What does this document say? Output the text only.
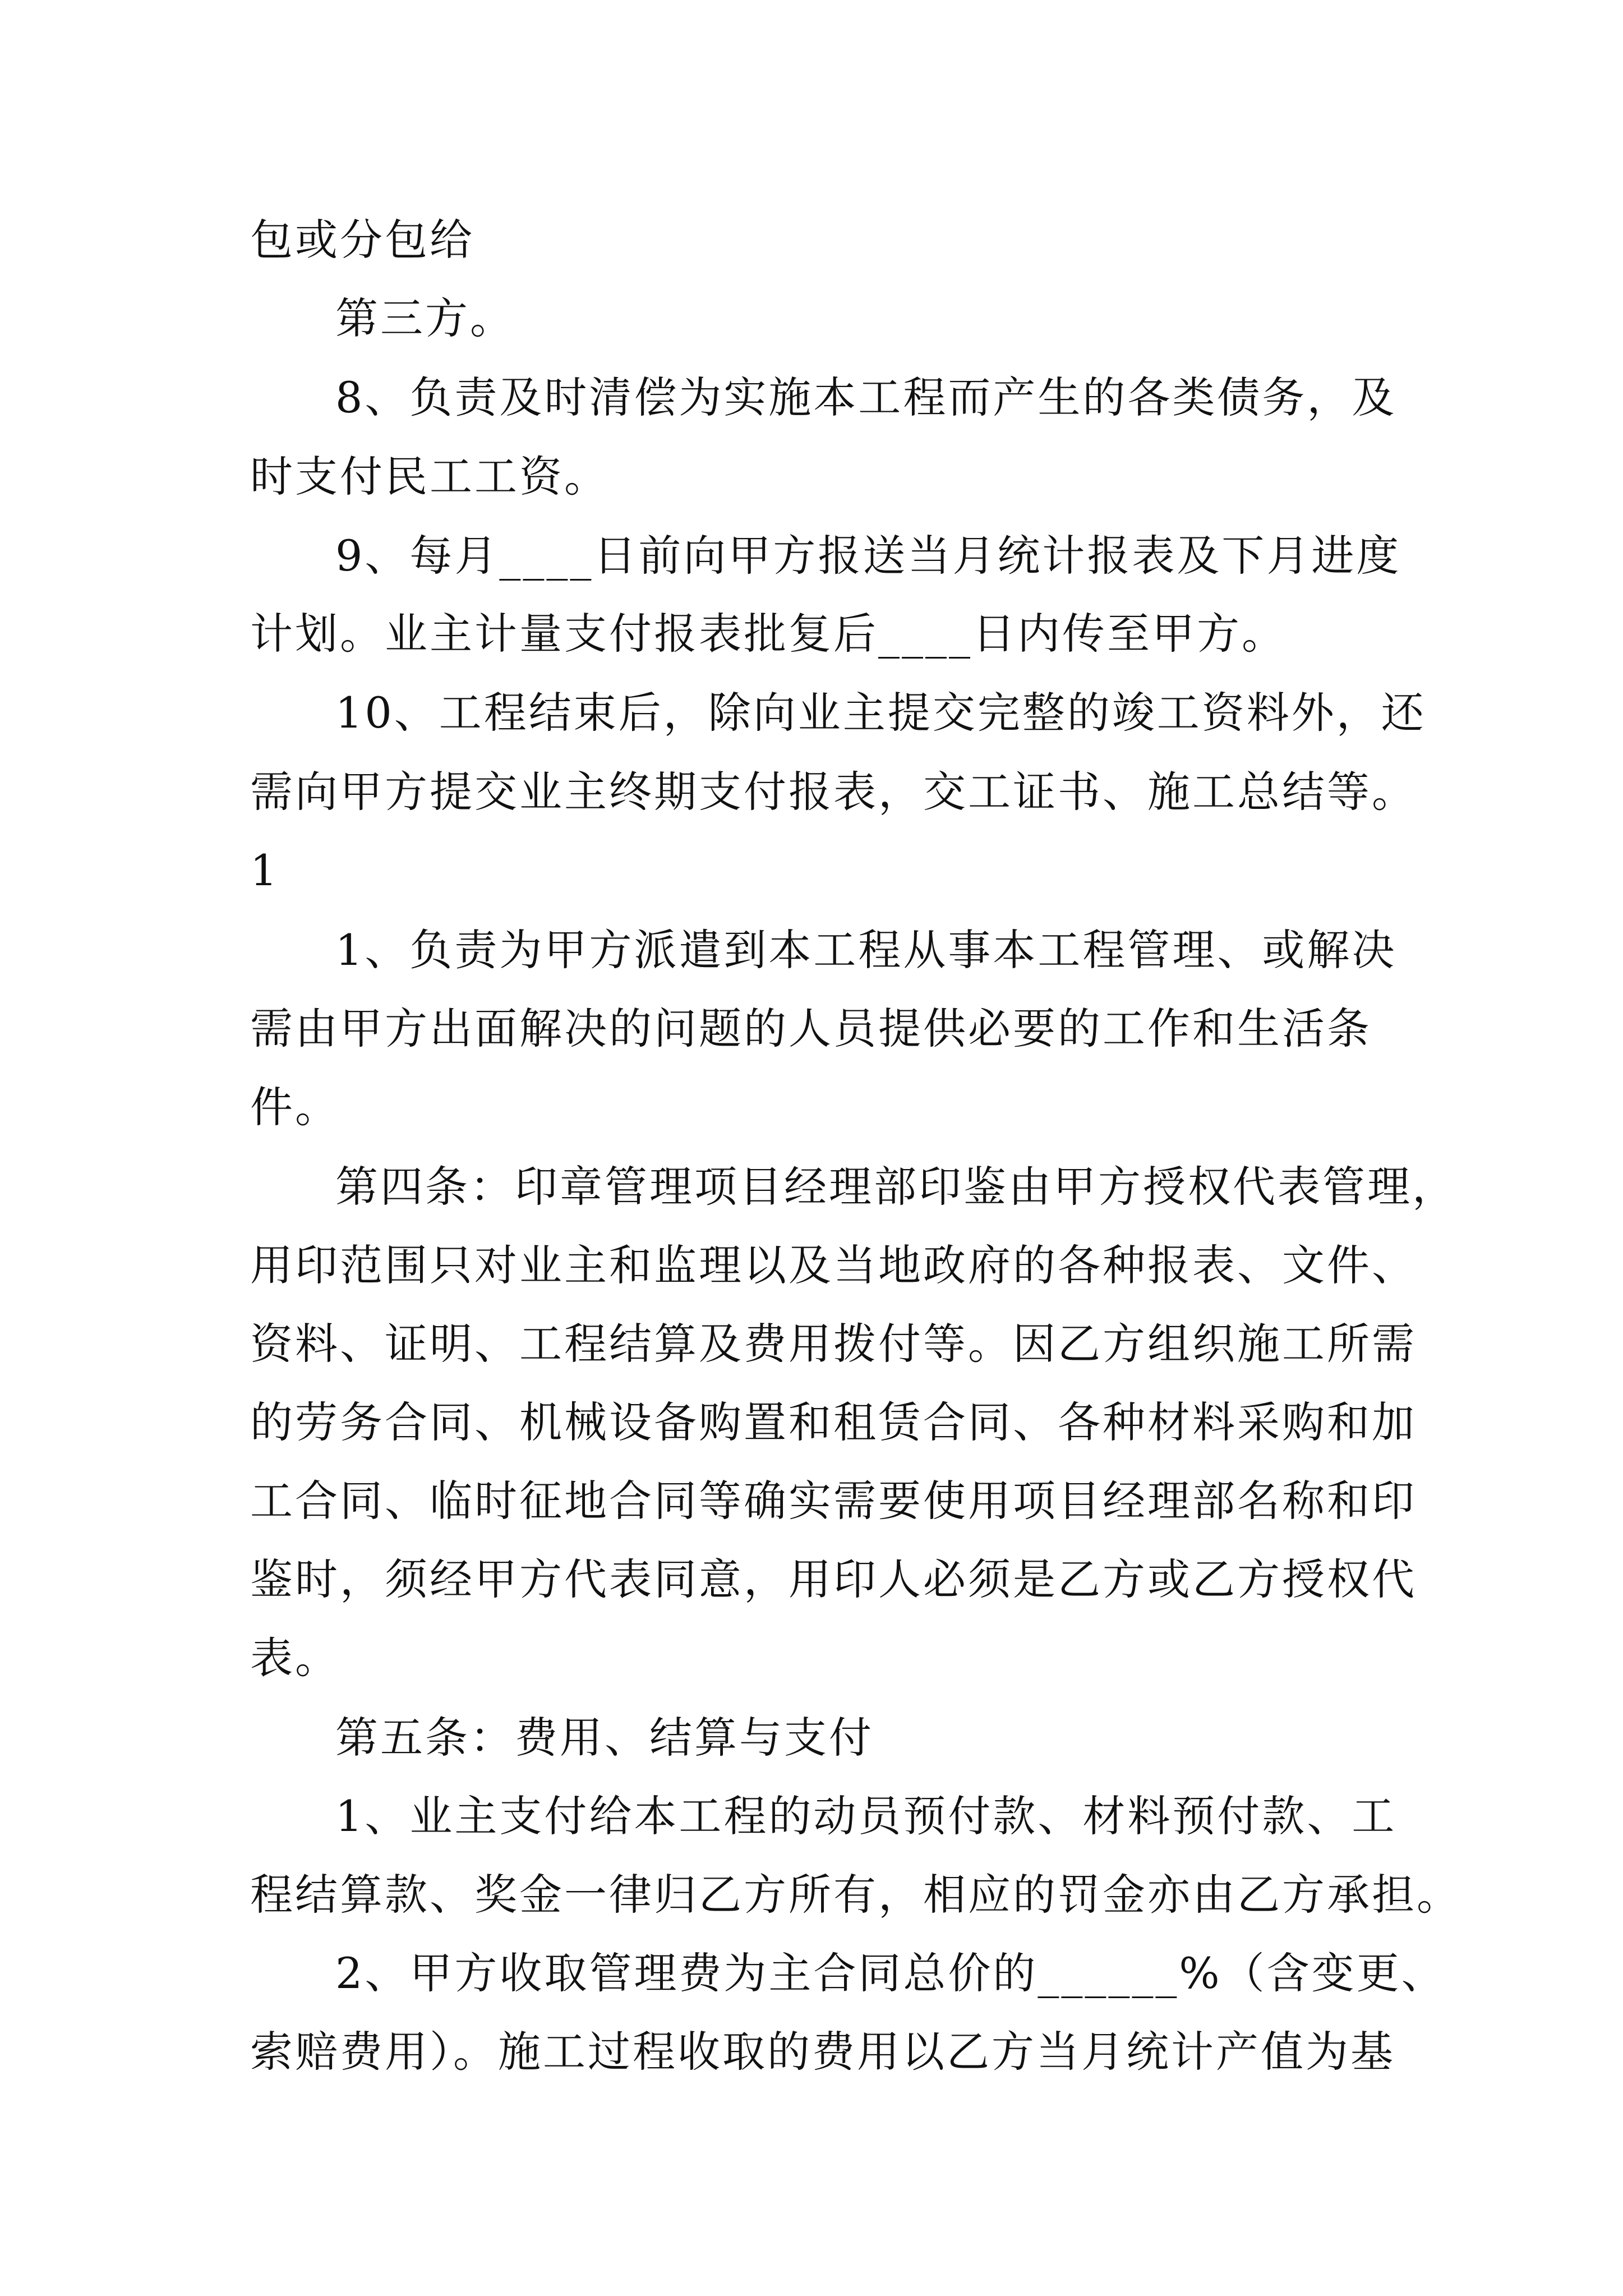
包或分包给
第三方。
8、负责及时清偿为实施本工程而产生的各类债务，及
时支付民工工资。
9、每月____日前向甲方报送当月统计报表及下月进度
计划。业主计量支付报表批复后____日内传至甲方。
10、工程结束后，除向业主提交完整的竣工资料外，还
需向甲方提交业主终期支付报表，交工证书、施工总结等。
1
1、负责为甲方派遣到本工程从事本工程管理、或解决
需由甲方出面解决的问题的人员提供必要的工作和生活条
件。
第四条：印章管理项目经理部印鉴由甲方授权代表管理，
用印范围只对业主和监理以及当地政府的各种报表、文件、
资料、证明、工程结算及费用拨付等。因乙方组织施工所需
的劳务合同、机械设备购置和租赁合同、各种材料采购和加
工合同、临时征地合同等确实需要使用项目经理部名称和印
鉴时，须经甲方代表同意，用印人必须是乙方或乙方授权代
表。
第五条：费用、结算与支付
1、业主支付给本工程的动员预付款、材料预付款、工
程结算款、奖金一律归乙方所有，相应的罚金亦由乙方承担。
2、甲方收取管理费为主合同总价的______%（含变更、
索赔费用）。施工过程收取的费用以乙方当月统计产值为基
